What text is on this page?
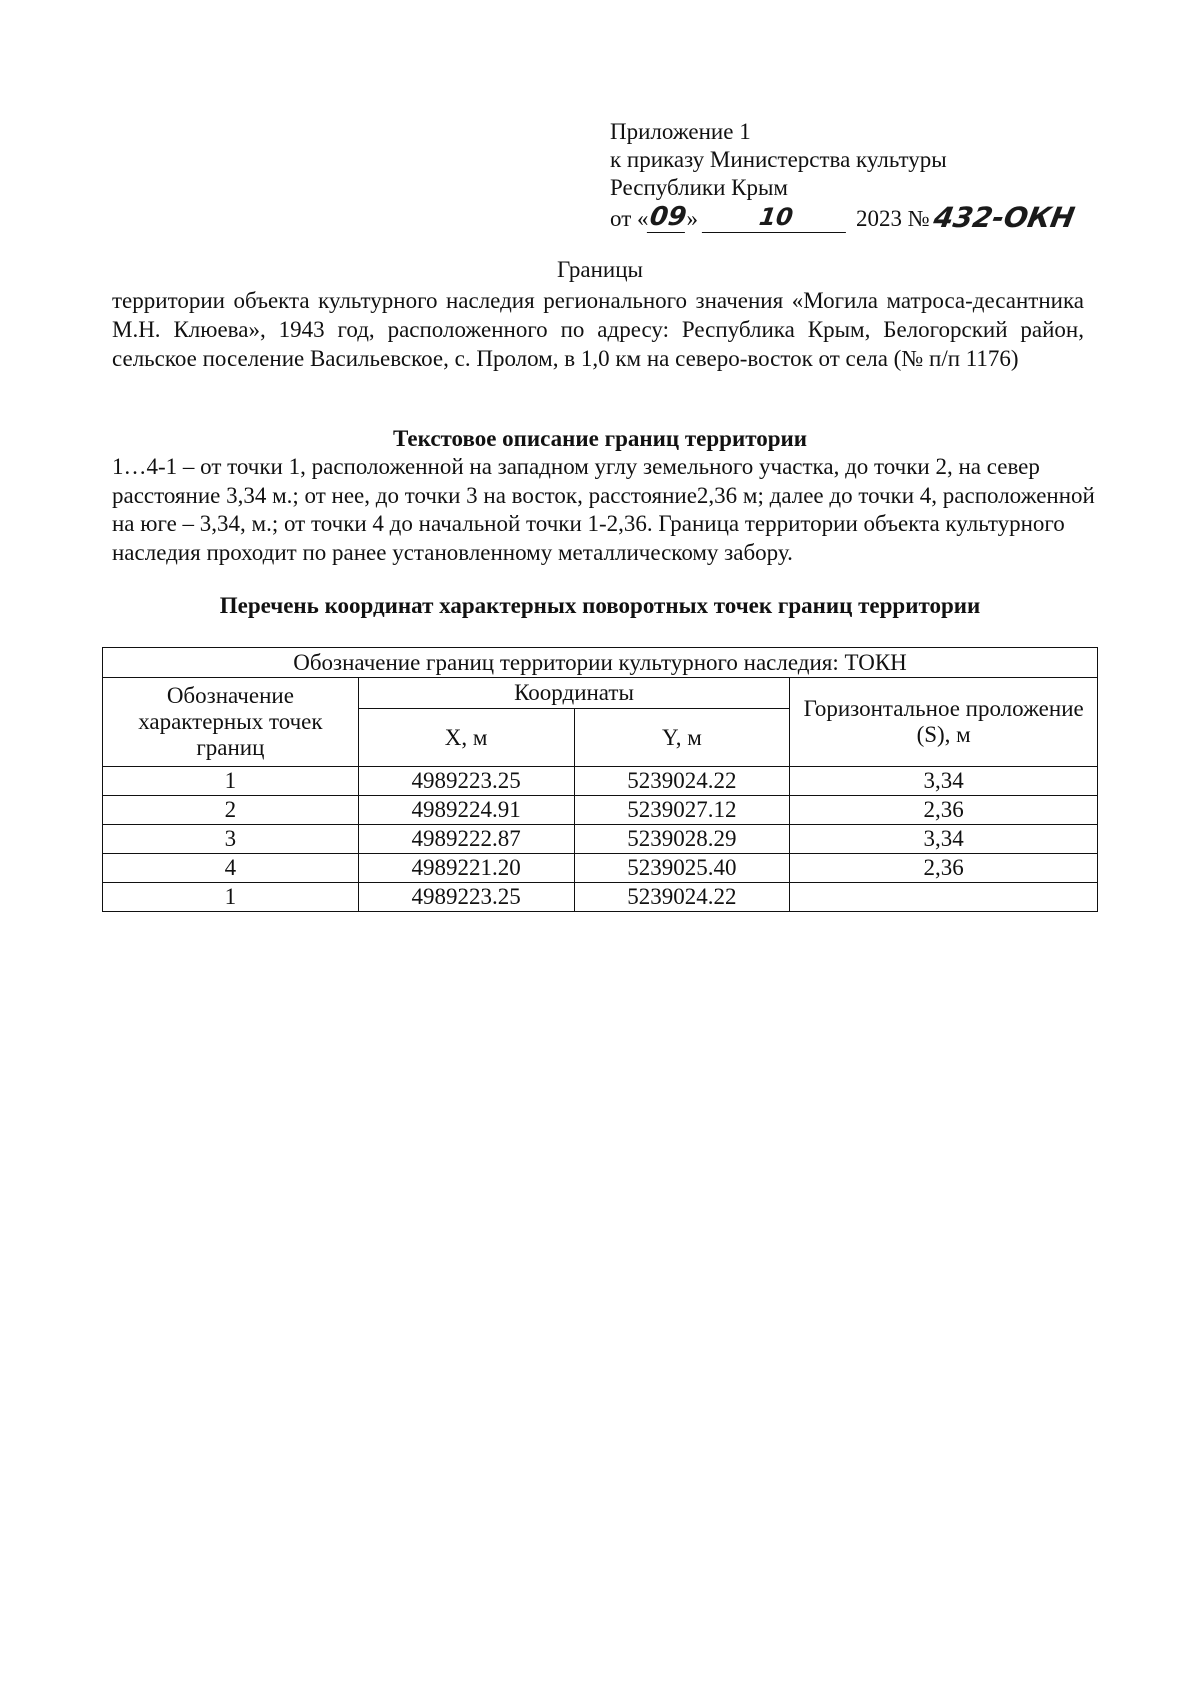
Приложение 1
к приказу Министерства культуры
Республики Крым
от «
09
»	10	2023 № 432-ОКН
Границы
территории объекта культурного наследия регионального значения «Могила матроса-десантника М.Н. Клюева», 1943 год, расположенного по адресу: Республика Крым, Белогорский район, сельское поселение Васильевское, с. Пролом, в 1,0 км на северо-восток от села (№ п/п 1176)
Текстовое описание границ территории
1…4-1 – от точки 1, расположенной на западном углу земельного участка, до точки 2, на север расстояние 3,34 м.; от нее, до точки 3 на восток, расстояние2,36 м; далее до точки 4, расположенной на юге – 3,34, м.; от точки 4 до начальной точки 1-2,36. Граница территории объекта культурного наследия проходит по ранее установленному металлическому забору.
Перечень координат характерных поворотных точек границ территории
Обозначение границ территории культурного наследия: ТОКН			
Обозначение характерных точек границ	Координаты		Горизонтальное проложение (S), м
	X, м	Y, м	
1	4989223.25	5239024.22	3,34
2	4989224.91	5239027.12	2,36
3	4989222.87	5239028.29	3,34
4	4989221.20	5239025.40	2,36
1	4989223.25	5239024.22	
